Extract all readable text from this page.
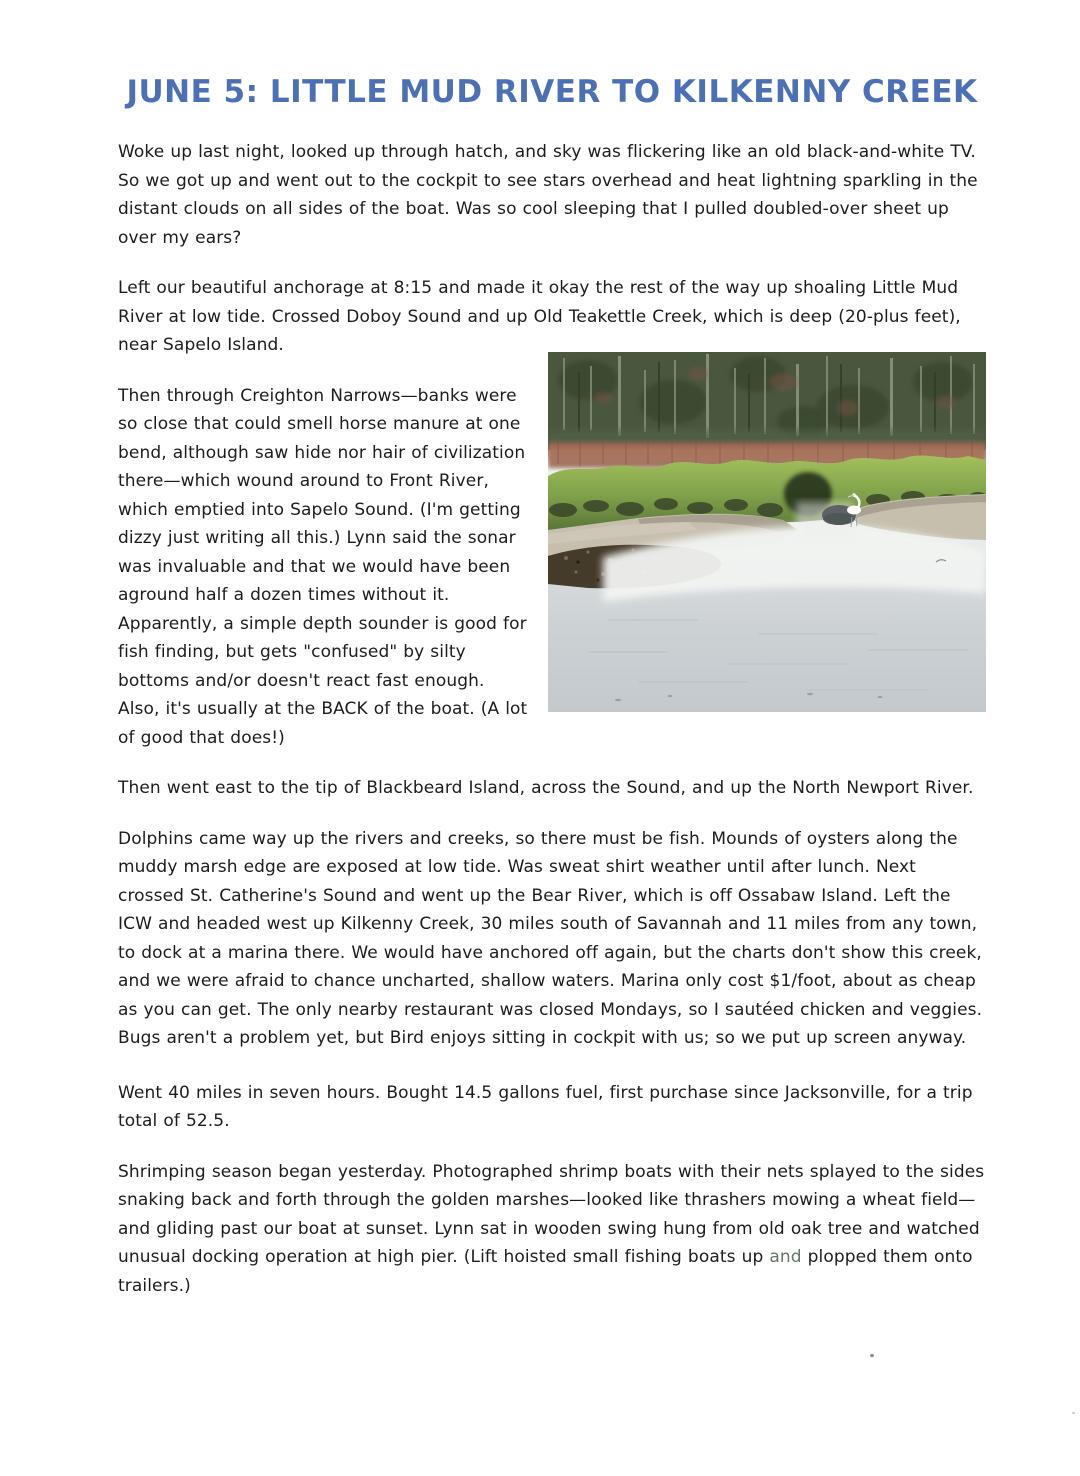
JUNE 5: LITTLE MUD RIVER TO KILKENNY CREEK

Woke up last night, looked up through hatch, and sky was flickering like an old black-and-white TV. So we got up and went out to the cockpit to see stars overhead and heat lightning sparkling in the distant clouds on all sides of the boat. Was so cool sleeping that I pulled doubled-over sheet up over my ears?

Left our beautiful anchorage at 8:15 and made it okay the rest of the way up shoaling Little Mud River at low tide. Crossed Doboy Sound and up Old Teakettle Creek, which is deep (20-plus feet), near Sapelo Island.

Then through Creighton Narrows—banks were so close that could smell horse manure at one bend, although saw hide nor hair of civilization there—which wound around to Front River, which emptied into Sapelo Sound. (I'm getting dizzy just writing all this.) Lynn said the sonar was invaluable and that we would have been aground half a dozen times without it. Apparently, a simple depth sounder is good for fish finding, but gets "confused" by silty bottoms and/or doesn't react fast enough. Also, it's usually at the BACK of the boat. (A lot of good that does!)

Then went east to the tip of Blackbeard Island, across the Sound, and up the North Newport River.

Dolphins came way up the rivers and creeks, so there must be fish. Mounds of oysters along the muddy marsh edge are exposed at low tide. Was sweat shirt weather until after lunch. Next crossed St. Catherine's Sound and went up the Bear River, which is off Ossabaw Island. Left the ICW and headed west up Kilkenny Creek, 30 miles south of Savannah and 11 miles from any town, to dock at a marina there. We would have anchored off again, but the charts don't show this creek, and we were afraid to chance uncharted, shallow waters. Marina only cost $1/foot, about as cheap as you can get. The only nearby restaurant was closed Mondays, so I sautéed chicken and veggies. Bugs aren't a problem yet, but Bird enjoys sitting in cockpit with us; so we put up screen anyway.

Went 40 miles in seven hours. Bought 14.5 gallons fuel, first purchase since Jacksonville, for a trip total of 52.5.

Shrimping season began yesterday. Photographed shrimp boats with their nets splayed to the sides snaking back and forth through the golden marshes—looked like thrashers mowing a wheat field—and gliding past our boat at sunset. Lynn sat in wooden swing hung from old oak tree and watched unusual docking operation at high pier. (Lift hoisted small fishing boats up and plopped them onto trailers.)
